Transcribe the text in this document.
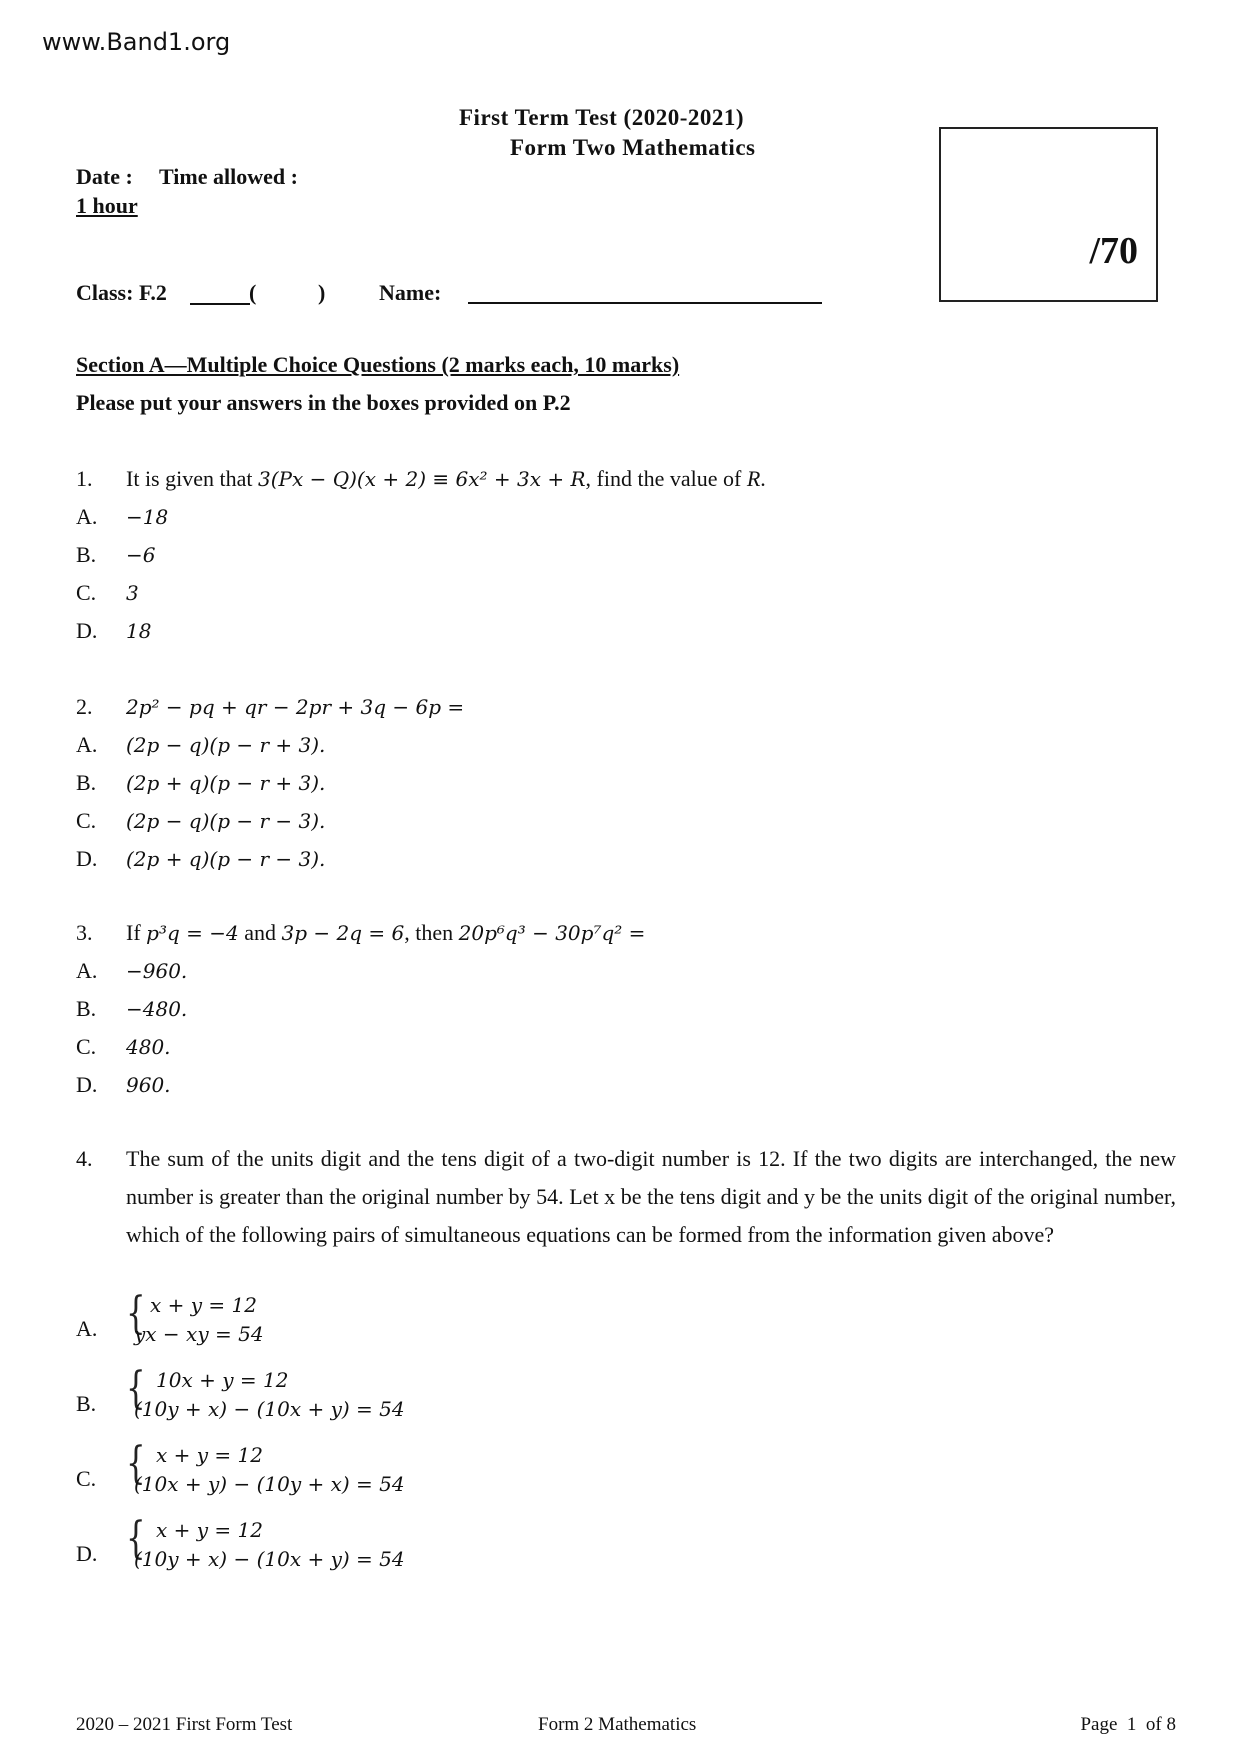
www.Band1.org
First Term Test (2020-2021)
Form Two Mathematics
Date : Time allowed :
1 hour
Class: F.2	(	) Name:
/70
Section A—Multiple Choice Questions (2 marks each, 10 marks)
Please put your answers in the boxes provided on P.2
1. It is given that 3(Px − Q)(x + 2) ≡ 6x² + 3x + R, find the value of R.
A. −18
B. −6
C. 3
D. 18
2. 2p² − pq + qr − 2pr + 3q − 6p =
A. (2p − q)(p − r + 3).
B. (2p + q)(p − r + 3).
C. (2p − q)(p − r − 3).
D. (2p + q)(p − r − 3).
3. If p³q = −4 and 3p − 2q = 6, then 20p⁶q³ − 30p⁷q² =
A. −960.
B. −480.
C. 480.
D. 960.
4. The sum of the units digit and the tens digit of a two-digit number is 12. If the two digits are interchanged, the new number is greater than the original number by 54. Let x be the tens digit and y be the units digit of the original number, which of the following pairs of simultaneous equations can be formed from the information given above?
A. { x + y = 12
yx − xy = 54
B. { 10x + y = 12
(10y + x) − (10x + y) = 54
C. { x + y = 12
(10x + y) − (10y + x) = 54
D. { x + y = 12
(10y + x) − (10x + y) = 54
2020 – 2021 First Form Test	Form 2 Mathematics	Page  1  of 8
